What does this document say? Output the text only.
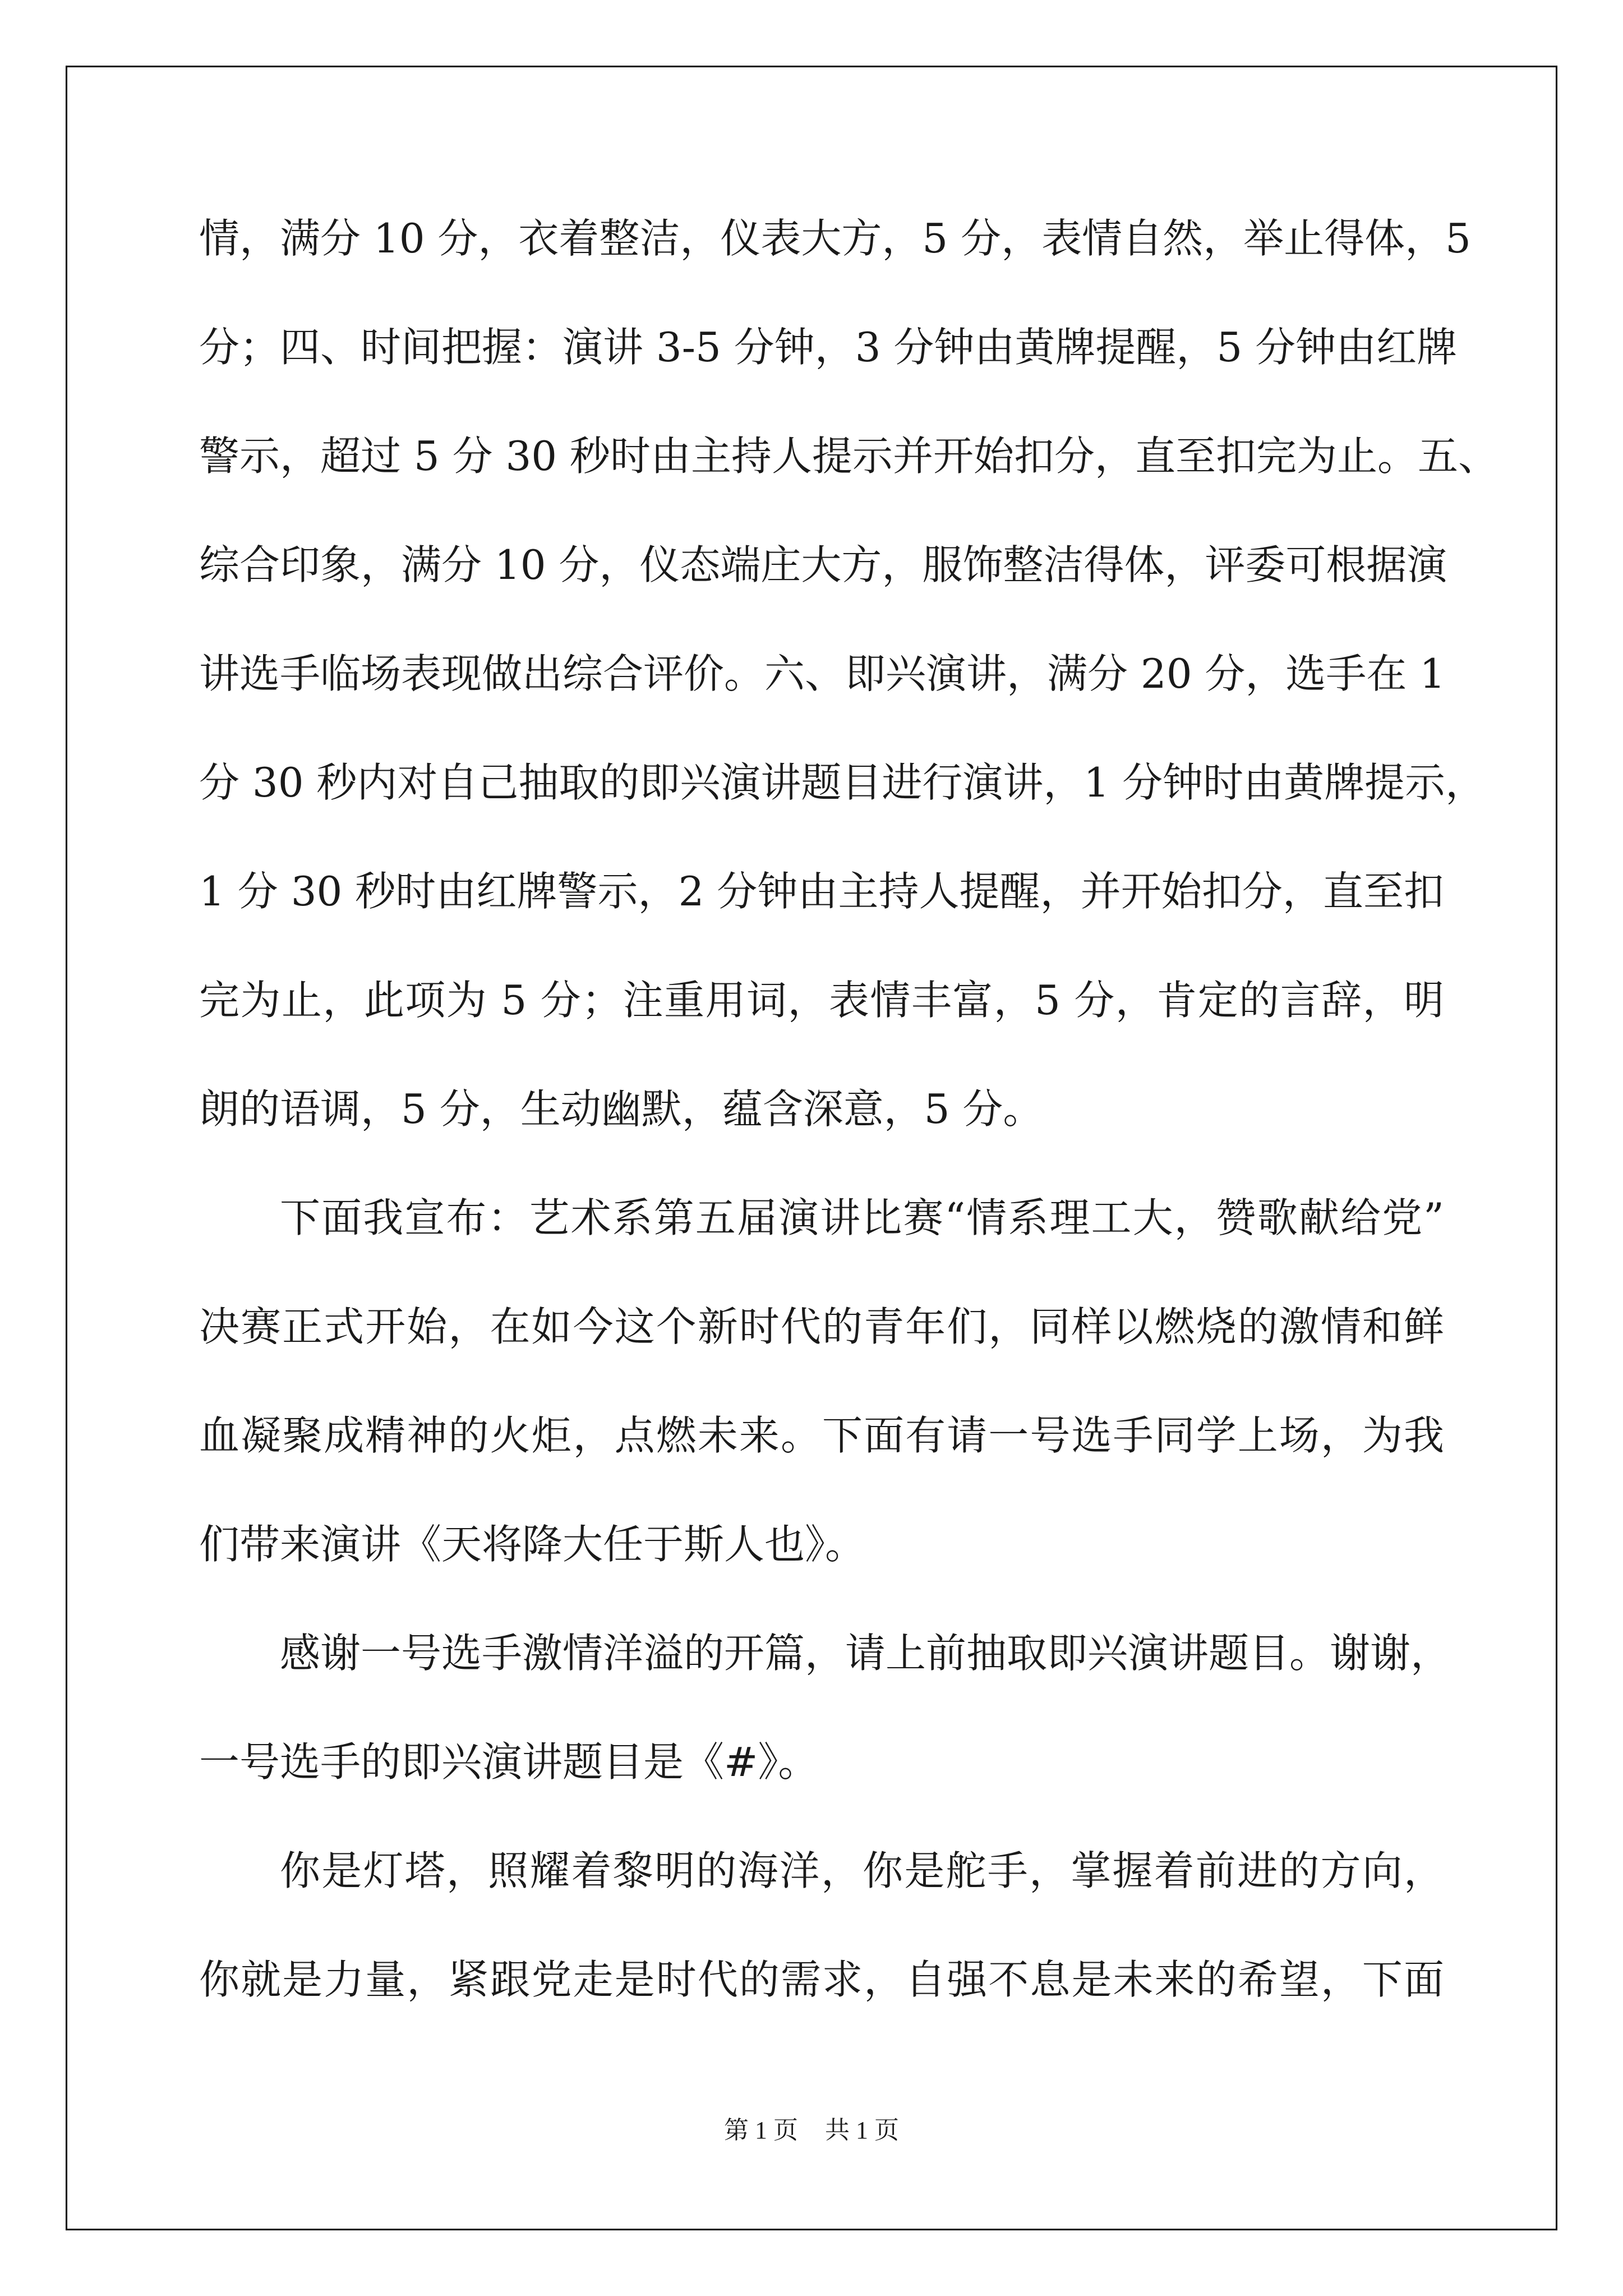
情，满分 10 分，衣着整洁，仪表大方，5 分，表情自然，举止得体，5
分；四、时间把握：演讲 3-5 分钟，3 分钟由黄牌提醒，5 分钟由红牌
警示，超过 5 分 30 秒时由主持人提示并开始扣分，直至扣完为止。五、
综合印象，满分 10 分，仪态端庄大方，服饰整洁得体，评委可根据演
讲选手临场表现做出综合评价。六、即兴演讲，满分 20 分，选手在 1
分 30 秒内对自己抽取的即兴演讲题目进行演讲，1 分钟时由黄牌提示，
1 分 30 秒时由红牌警示，2 分钟由主持人提醒，并开始扣分，直至扣
完为止，此项为 5 分；注重用词，表情丰富，5 分，肯定的言辞，明
朗的语调，5 分，生动幽默，蕴含深意，5 分。
下面我宣布：艺术系第五届演讲比赛“情系理工大，赞歌献给党”
决赛正式开始，在如今这个新时代的青年们，同样以燃烧的激情和鲜
血凝聚成精神的火炬，点燃未来。下面有请一号选手同学上场，为我
们带来演讲《天将降大任于斯人也》。
感谢一号选手激情洋溢的开篇，请上前抽取即兴演讲题目。谢谢，
一号选手的即兴演讲题目是《#》。
你是灯塔，照耀着黎明的海洋，你是舵手，掌握着前进的方向，
你就是力量，紧跟党走是时代的需求，自强不息是未来的希望，下面
第 1 页 共 1 页
